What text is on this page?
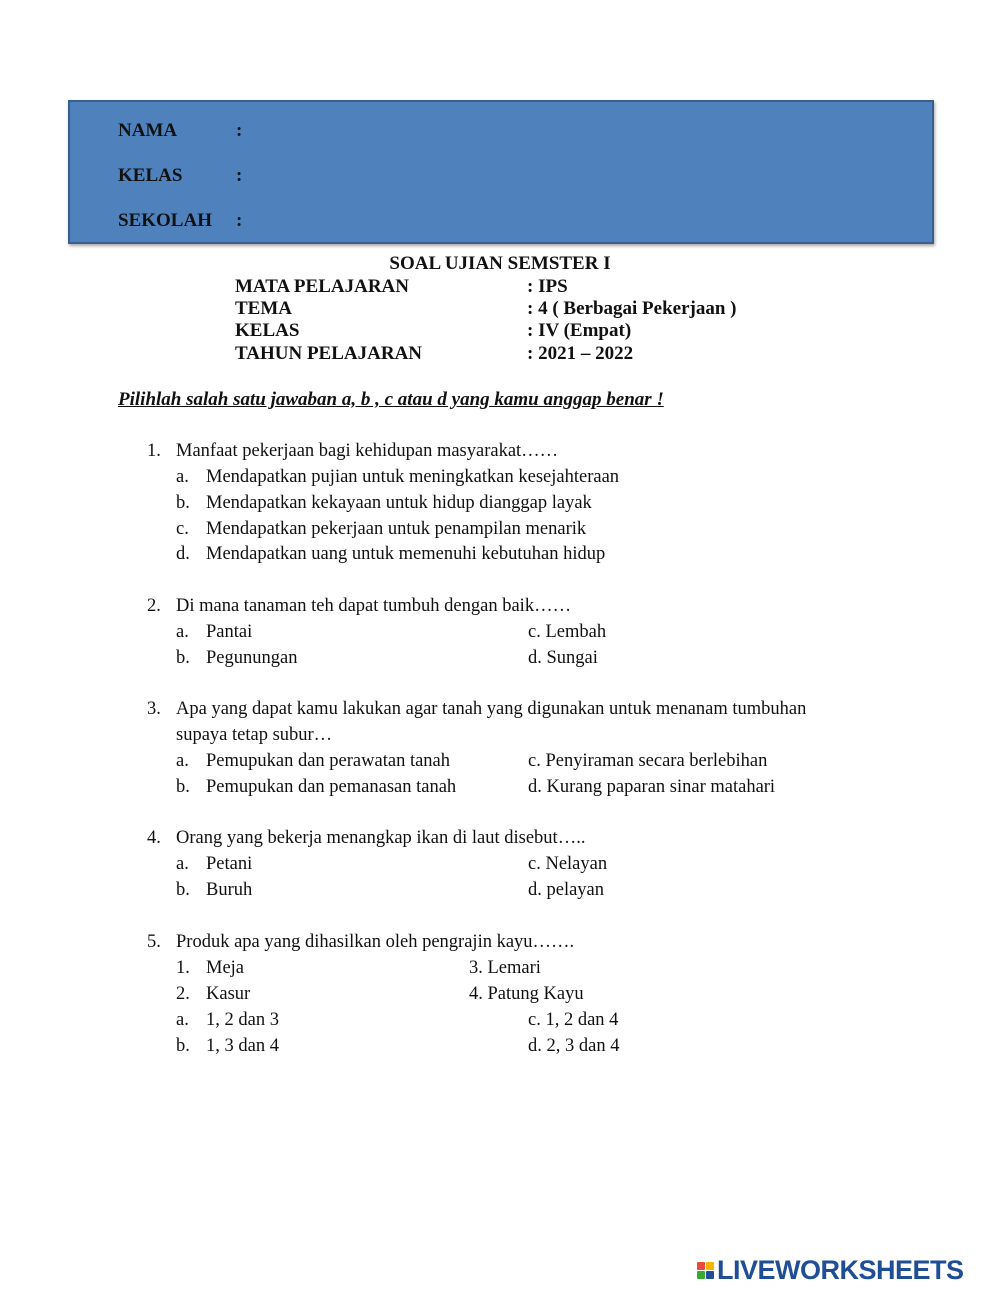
NAMA	:
KELAS	:
SEKOLAH :
SOAL UJIAN SEMSTER I
MATA PELAJARAN	: IPS
TEMA	: 4 ( Berbagai Pekerjaan )
KELAS	: IV (Empat)
TAHUN PELAJARAN	: 2021 – 2022
Pilihlah salah satu jawaban a, b , c atau d yang kamu anggap benar !
1. Manfaat pekerjaan bagi kehidupan masyarakat……
a. Mendapatkan pujian untuk meningkatkan kesejahteraan
b. Mendapatkan kekayaan untuk hidup dianggap layak
c. Mendapatkan pekerjaan untuk penampilan menarik
d. Mendapatkan uang untuk memenuhi kebutuhan hidup
2. Di mana tanaman teh dapat tumbuh dengan baik……
a. Pantai	c. Lembah
b. Pegunungan	d. Sungai
3. Apa yang dapat kamu lakukan agar tanah yang digunakan untuk menanam tumbuhan
supaya tetap subur…
a. Pemupukan dan perawatan tanah	c. Penyiraman secara berlebihan
b. Pemupukan dan pemanasan tanah	d. Kurang paparan sinar matahari
4. Orang yang bekerja menangkap ikan di laut disebut…..
a. Petani	c. Nelayan
b. Buruh	d. pelayan
5. Produk apa yang dihasilkan oleh pengrajin kayu…….
1. Meja	3. Lemari
2. Kasur	4. Patung Kayu
a. 1, 2 dan 3	c. 1, 2 dan 4
b. 1, 3 dan 4	d. 2, 3 dan 4
LIVEWORKSHEETS
